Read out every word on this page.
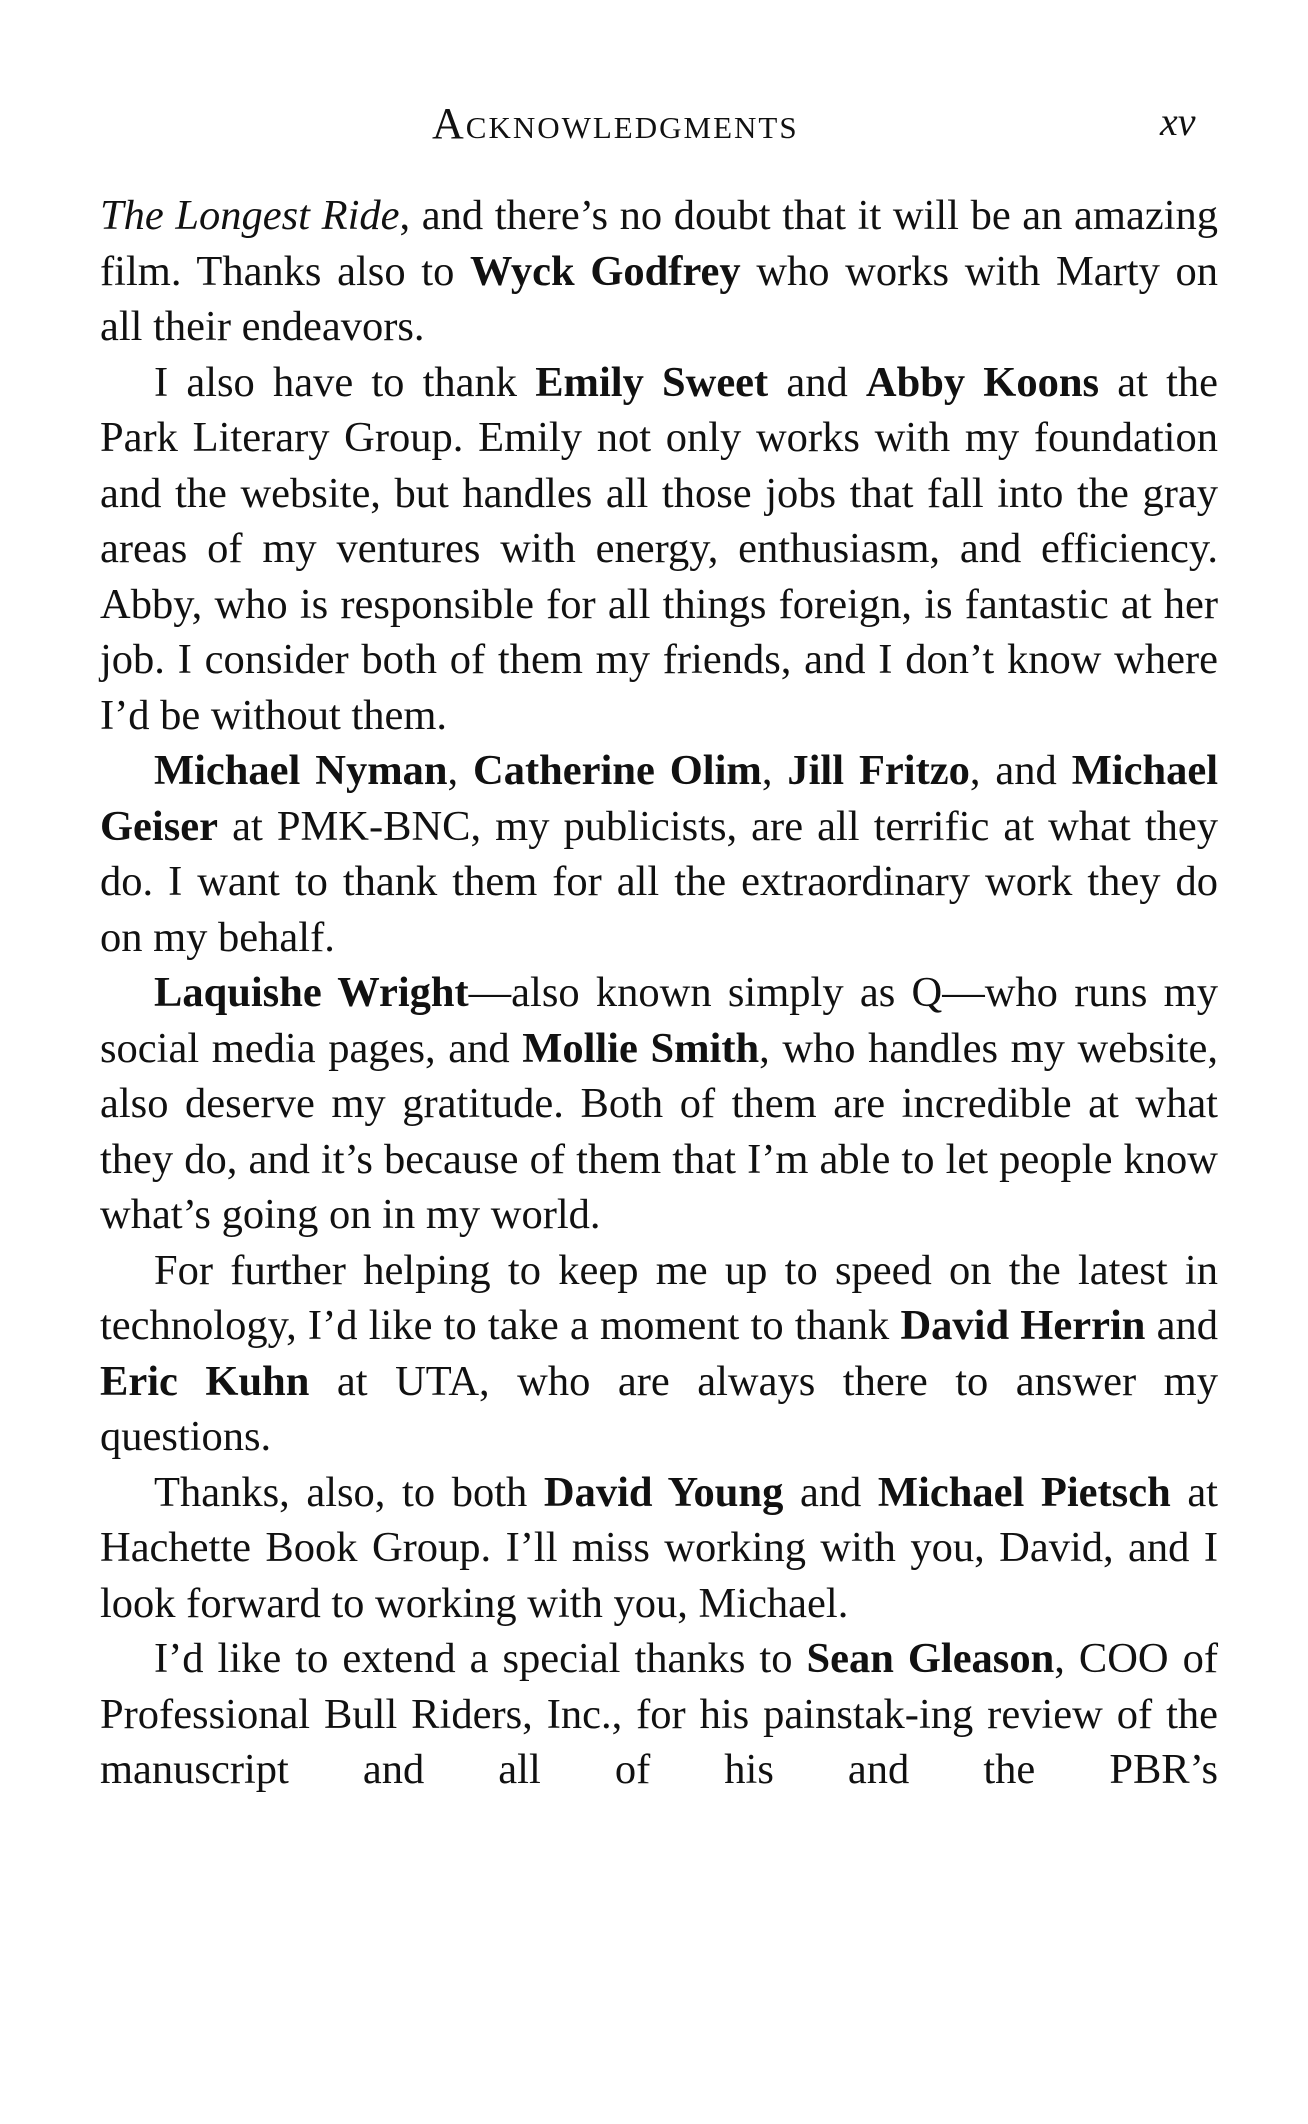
Acknowledgments	xv

The Longest Ride, and there’s no doubt that it will be an amazing film. Thanks also to Wyck Godfrey who works with Marty on all their endeavors.

I also have to thank Emily Sweet and Abby Koons at the Park Literary Group. Emily not only works with my foundation and the website, but handles all those jobs that fall into the gray areas of my ventures with energy, enthusiasm, and efficiency. Abby, who is responsible for all things foreign, is fantastic at her job. I consider both of them my friends, and I don’t know where I’d be without them.

Michael Nyman, Catherine Olim, Jill Fritzo, and Michael Geiser at PMK-BNC, my publicists, are all terrific at what they do. I want to thank them for all the extraordinary work they do on my behalf.

Laquishe Wright—also known simply as Q—who runs my social media pages, and Mollie Smith, who handles my website, also deserve my gratitude. Both of them are incredible at what they do, and it’s because of them that I’m able to let people know what’s going on in my world.

For further helping to keep me up to speed on the latest in technology, I’d like to take a moment to thank David Herrin and Eric Kuhn at UTA, who are always there to answer my questions.

Thanks, also, to both David Young and Michael Pietsch at Hachette Book Group. I’ll miss working with you, David, and I look forward to working with you, Michael.

I’d like to extend a special thanks to Sean Gleason, COO of Professional Bull Riders, Inc., for his painstak-ing review of the manuscript and all of his and the PBR’s
